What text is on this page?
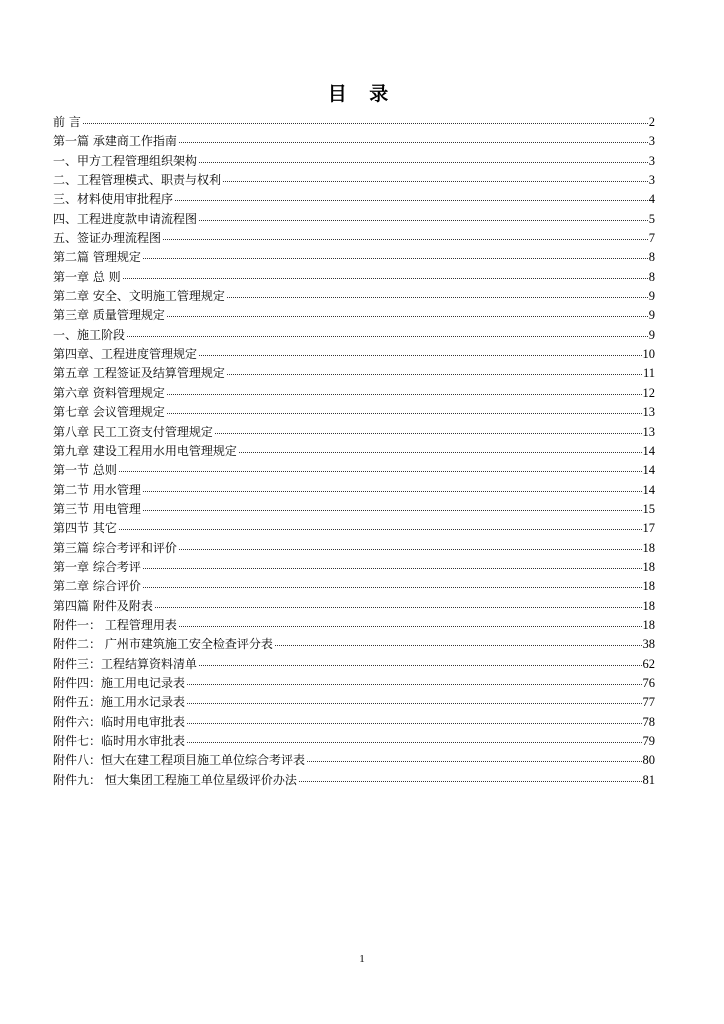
目 录
前 言	2
第一篇 承建商工作指南	3
一、甲方工程管理组织架构	3
二、工程管理模式、职责与权利	3
三、材料使用审批程序	4
四、工程进度款申请流程图	5
五、签证办理流程图	7
第二篇 管理规定	8
第一章 总 则	8
第二章 安全、文明施工管理规定	9
第三章 质量管理规定	9
一、施工阶段	9
第四章、工程进度管理规定	10
第五章 工程签证及结算管理规定	11
第六章 资料管理规定	12
第七章 会议管理规定	13
第八章 民工工资支付管理规定	13
第九章 建设工程用水用电管理规定	14
第一节 总则	14
第二节 用水管理	14
第三节 用电管理	15
第四节 其它	17
第三篇 综合考评和评价	18
第一章 综合考评	18
第二章 综合评价	18
第四篇 附件及附表	18
附件一： 工程管理用表	18
附件二： 广州市建筑施工安全检查评分表	38
附件三：工程结算资料清单	62
附件四：施工用电记录表	76
附件五：施工用水记录表	77
附件六：临时用电审批表	78
附件七：临时用水审批表	79
附件八：恒大在建工程项目施工单位综合考评表	80
附件九： 恒大集团工程施工单位星级评价办法	81
1
